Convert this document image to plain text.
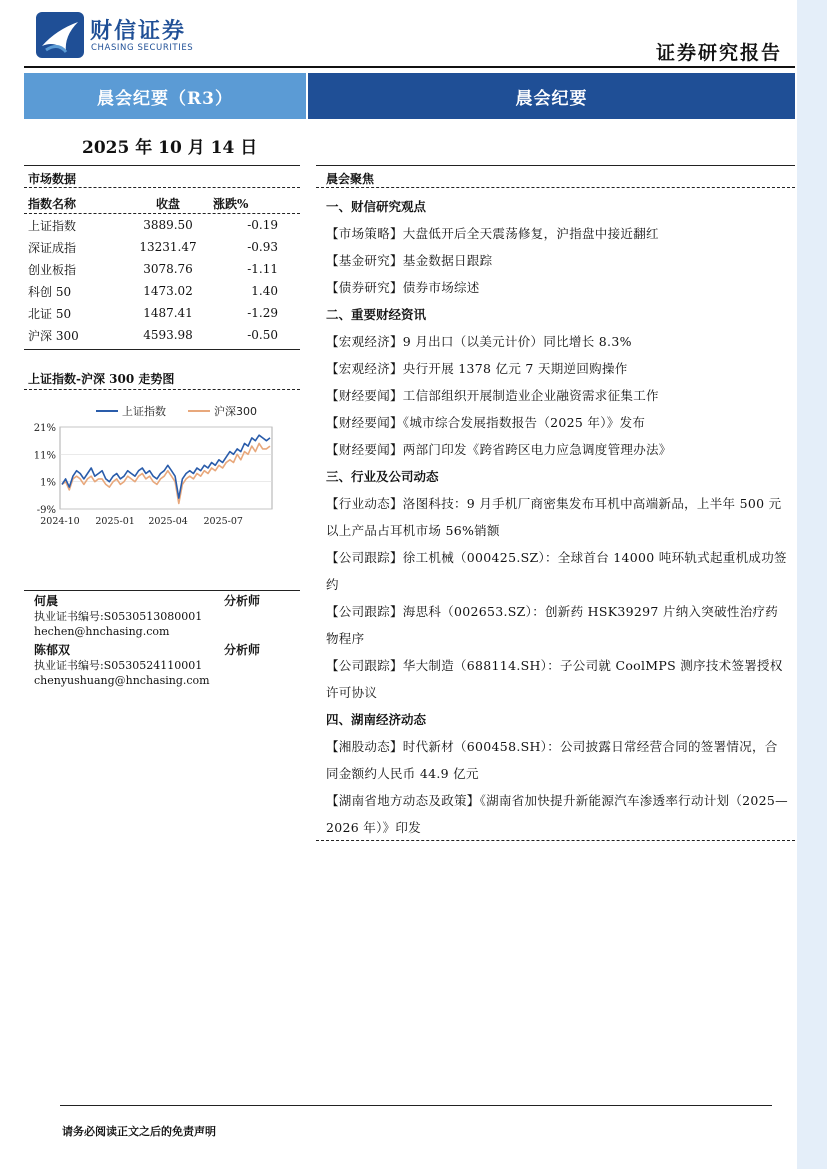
财信证券
CHASING SECURITIES	证券研究报告
晨会纪要（R3）	晨会纪要
2025 年 10 月 14 日
市场数据
指数名称	收盘	涨跌%
上证指数	3889.50	-0.19
深证成指	13231.47	-0.93
创业板指	3078.76	-1.11
科创 50	1473.02	1.40
北证 50	1487.41	-1.29
沪深 300	4593.98	-0.50
上证指数-沪深 300 走势图
21%
11%
1%
-9%
2024-10 2025-01 2025-04 2025-07
上证指数	沪深300
何晨	分析师
执业证书编号:S0530513080001
hechen@hnchasing.com
陈郁双	分析师
执业证书编号:S0530524110001
chenyushuang@hnchasing.com
晨会聚焦
一、财信研究观点
【市场策略】大盘低开后全天震荡修复，沪指盘中接近翻红
【基金研究】基金数据日跟踪
【债券研究】债券市场综述
二、重要财经资讯
【宏观经济】9 月出口（以美元计价）同比增长 8.3%
【宏观经济】央行开展 1378 亿元 7 天期逆回购操作
【财经要闻】工信部组织开展制造业企业融资需求征集工作
【财经要闻】《城市综合发展指数报告（2025 年）》发布
【财经要闻】两部门印发《跨省跨区电力应急调度管理办法》
三、行业及公司动态
【行业动态】洛图科技：9 月手机厂商密集发布耳机中高端新品，上半年 500 元以上产品占耳机市场 56%销额
【公司跟踪】徐工机械（000425.SZ）：全球首台 14000 吨环轨式起重机成功签约
【公司跟踪】海思科（002653.SZ）：创新药 HSK39297 片纳入突破性治疗药物程序
【公司跟踪】华大制造（688114.SH）：子公司就 CoolMPS 测序技术签署授权许可协议
四、湖南经济动态
【湘股动态】时代新材（600458.SH）：公司披露日常经营合同的签署情况，合同金额约人民币 44.9 亿元
【湖南省地方动态及政策】《湖南省加快提升新能源汽车渗透率行动计划（2025—2026 年）》印发
请务必阅读正文之后的免责声明
